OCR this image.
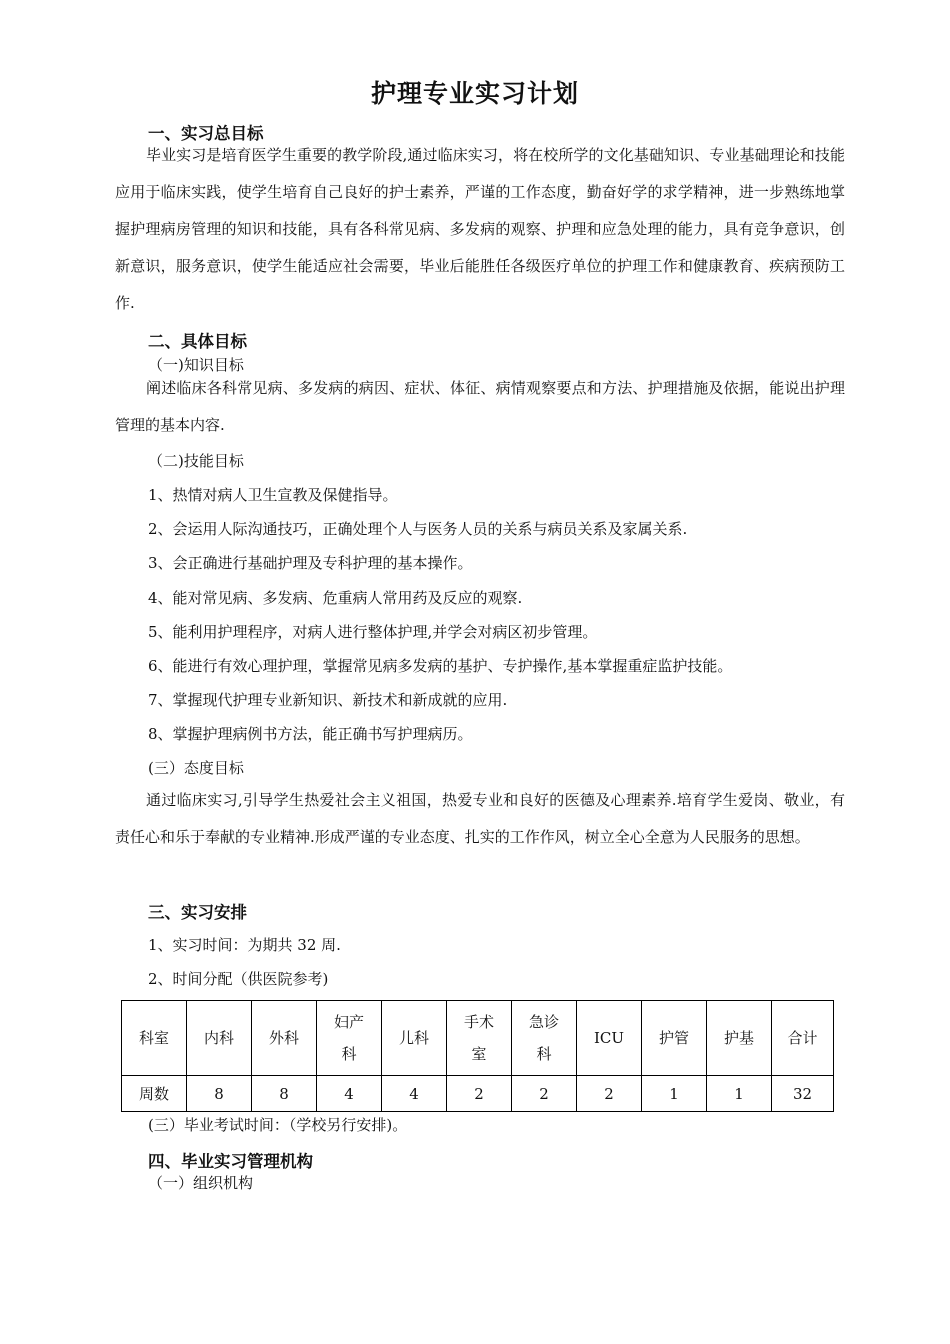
护理专业实习计划
一、实习总目标
毕业实习是培育医学生重要的教学阶段,通过临床实习，将在校所学的文化基础知识、专业基础理论和技能应用于临床实践，使学生培育自己良好的护士素养，严谨的工作态度，勤奋好学的求学精神，进一步熟练地掌握护理病房管理的知识和技能，具有各科常见病、多发病的观察、护理和应急处理的能力，具有竞争意识，创新意识，服务意识，使学生能适应社会需要，毕业后能胜任各级医疗单位的护理工作和健康教育、疾病预防工作.
二、具体目标
（一)知识目标
阐述临床各科常见病、多发病的病因、症状、体征、病情观察要点和方法、护理措施及依据，能说出护理管理的基本内容.
（二)技能目标
1、热情对病人卫生宣教及保健指导。
2、会运用人际沟通技巧，正确处理个人与医务人员的关系与病员关系及家属关系.
3、会正确进行基础护理及专科护理的基本操作。
4、能对常见病、多发病、危重病人常用药及反应的观察.
5、能利用护理程序，对病人进行整体护理,并学会对病区初步管理。
6、能进行有效心理护理，掌握常见病多发病的基护、专护操作,基本掌握重症监护技能。
7、掌握现代护理专业新知识、新技术和新成就的应用.
8、掌握护理病例书方法，能正确书写护理病历。
(三）态度目标
通过临床实习,引导学生热爱社会主义祖国，热爱专业和良好的医德及心理素养.培育学生爱岗、敬业，有责任心和乐于奉献的专业精神.形成严谨的专业态度、扎实的工作作风，树立全心全意为人民服务的思想。
三、实习安排
1、实习时间：为期共 32 周.
2、时间分配（供医院参考)
科室	内科	外科	妇产科	儿科	手术室	急诊科	ICU	护管	护基	合计
周数	8	8	4	4	2	2	2	1	1	32
(三）毕业考试时间：（学校另行安排)。
四、毕业实习管理机构
（一）组织机构
